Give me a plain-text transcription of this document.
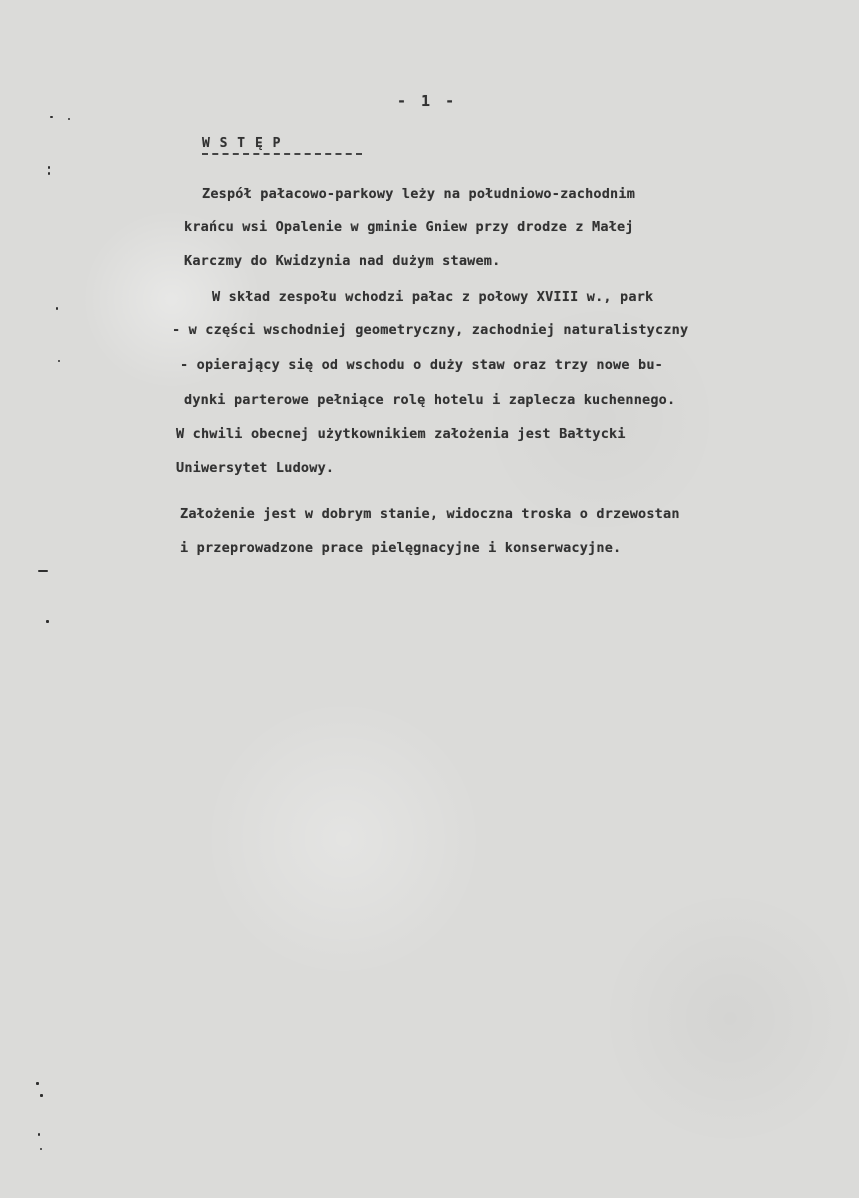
- 1 -
W S T Ę P
Zespół pałacowo-parkowy leży na południowo-zachodnim
krańcu wsi Opalenie w gminie Gniew przy drodze z Małej
Karczmy do Kwidzynia nad dużym stawem.
W skład zespołu wchodzi pałac z połowy XVIII w., park
- w części wschodniej geometryczny, zachodniej naturalistyczny
- opierający się od wschodu o duży staw oraz trzy nowe bu-
dynki parterowe pełniące rolę hotelu i zaplecza kuchennego.
W chwili obecnej użytkownikiem założenia jest Bałtycki
Uniwersytet Ludowy.
Założenie jest w dobrym stanie, widoczna troska o drzewostan
i przeprowadzone prace pielęgnacyjne i konserwacyjne.
